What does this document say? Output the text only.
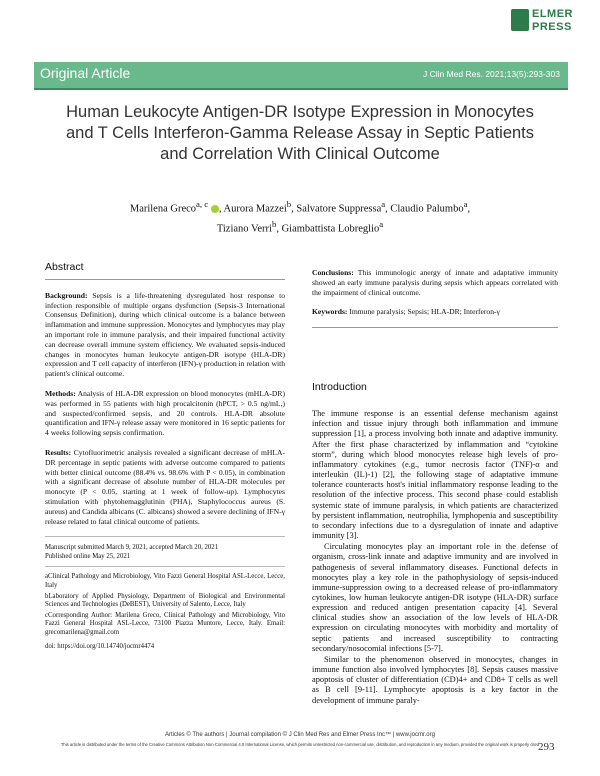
ELMER
PRESS
Original Article	J Clin Med Res. 2021;13(5):293-303
Human Leukocyte Antigen-DR Isotype Expression in Monocytes and T Cells Interferon-Gamma Release Assay in Septic Patients and Correlation With Clinical Outcome
Marilena Greco$^{a, c}$ , Aurora Mazzei$^b$, Salvatore Suppressa$^a$, Claudio Palumbo$^a$,
Tiziano Verri$^b$, Giambattista Lobreglio$^a$
Abstract

Background: Sepsis is a life-threatening dysregulated host response to infection responsible of multiple organs dysfunction (Sepsis-3 International Consensus Definition), during which clinical outcome is a balance between inflammation and immune suppression. Monocytes and lymphocytes may play an important role in immune paralysis, and their impaired functional activity can decrease overall immune system efficiency. We evaluated sepsis-induced changes in monocytes human leukocyte antigen-DR isotype (HLA-DR) expression and T cell capacity of interferon (IFN)-γ production in relation with patient's clinical outcome.

Methods: Analysis of HLA-DR expression on blood monocytes (mHLA-DR) was performed in 55 patients with high procalcitonin (hPCT, > 0.5 ng/mL,) and suspected/confirmed sepsis, and 20 controls. HLA-DR absolute quantification and IFN-γ release assay were monitored in 16 septic patients for 4 weeks following sepsis confirmation.

Results: Cytofluorimetric analysis revealed a significant decrease of mHLA-DR percentage in septic patients with adverse outcome compared to patients with better clinical outcome (88.4% vs. 98.6% with P < 0.05), in combination with a significant decrease of absolute number of HLA-DR molecules per monocyte (P < 0.05, starting at 1 week of follow-up). Lymphocytes stimulation with phytohemagglutinin (PHA), Staphylococcus aureus (S. aureus) and Candida albicans (C. albicans) showed a severe declining of IFN-γ release related to fatal clinical outcome of patients.

Manuscript submitted March 9, 2021, accepted March 20, 2021
Published online May 25, 2021

aClinical Pathology and Microbiology, Vito Fazzi General Hospital ASL-Lecce, Lecce, Italy

bLaboratory of Applied Physiology, Department of Biological and Environmental Sciences and Technologies (DeBEST), University of Salento, Lecce, Italy

cCorresponding Author: Marilena Greco, Clinical Pathology and Microbiology, Vito Fazzi General Hospital ASL-Lecce, 73100 Piazza Muntore, Lecce, Italy. Email: grecomarilena@gmail.com

doi: https://doi.org/10.14740/jocmr4474

Conclusions: This immunologic anergy of innate and adaptative immunity showed an early immune paralysis during sepsis which appears correlated with the impairment of clinical outcome.

Keywords: Immune paralysis; Sepsis; HLA-DR; Interferon-γ

Introduction

The immune response is an essential defense mechanism against infection and tissue injury through both inflammation and immune suppression [1], a process involving both innate and adaptive immunity. After the first phase characterized by inflammation and “cytokine storm”, during which blood monocytes release high levels of pro-inflammatory cytokines (e.g., tumor necrosis factor (TNF)-α and interleukin (IL)-1) [2], the following stage of adaptative immune tolerance counteracts host's initial inflammatory response leading to the resolution of the infective process. This second phase could establish systemic state of immune paralysis, in which patients are characterized by persistent inflammation, neutrophilia, lymphopenia and susceptibility to secondary infections due to a dysregulation of innate and adaptive immunity [3].

Circulating monocytes play an important role in the defense of organism, cross-link innate and adaptive immunity and are involved in pathogenesis of several inflammatory diseases. Functional defects in monocytes play a key role in the pathophysiology of sepsis-induced immune-suppression owing to a decreased release of pro-inflammatory cytokines, low human leukocyte antigen-DR isotype (HLA-DR) surface expression and reduced antigen presentation capacity [4]. Several clinical studies show an association of the low levels of HLA-DR expression on circulating monocytes with morbidity and mortality of septic patients and increased susceptibility to contracting secondary/nosocomial infections [5-7].

Similar to the phenomenon observed in monocytes, changes in immune function also involved lymphocytes [8]. Sepsis causes massive apoptosis of cluster of differentiation (CD)4+ and CD8+ T cells as well as B cell [9-11]. Lymphocyte apoptosis is a key factor in the development of immune paraly-

Articles © The authors | Journal compilation © J Clin Med Res and Elmer Press Inc™ | www.jocmr.org
This article is distributed under the terms of the Creative Commons Attribution Non-Commercial 4.0 International License, which permits unrestricted non-commercial use, distribution, and reproduction in any medium, provided the original work is properly cited
293
